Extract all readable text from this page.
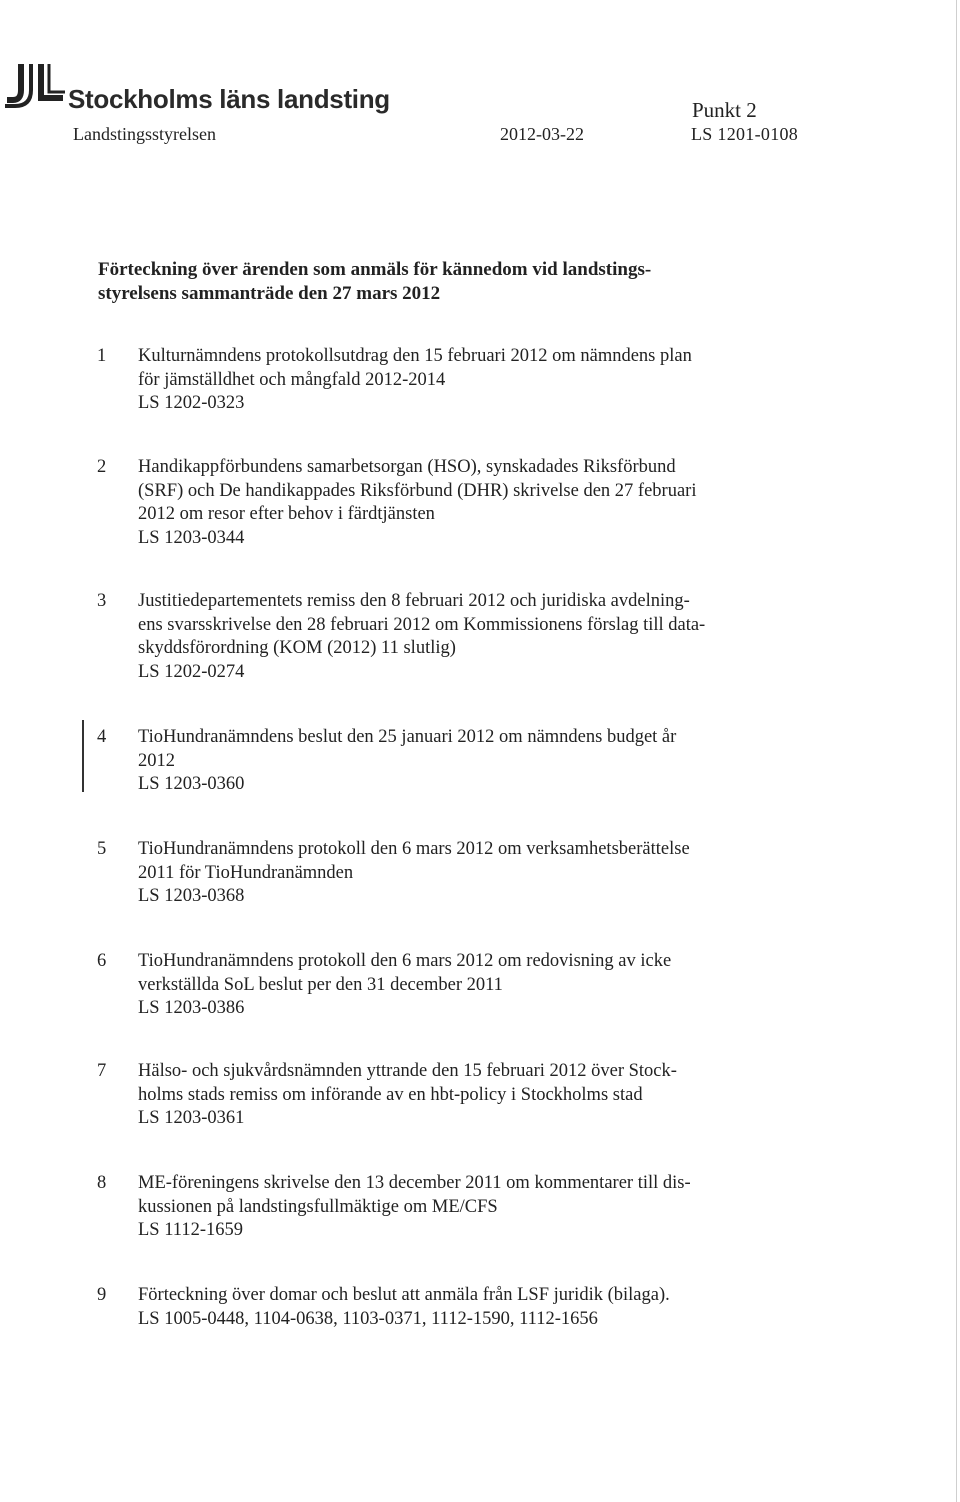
Stockholms läns landsting
Landstingsstyrelsen	2012-03-22
Punkt 2
LS 1201-0108
Förteckning över ärenden som anmäls för kännedom vid landstings-
styrelsens sammanträde den 27 mars 2012
1	Kulturnämndens protokollsutdrag den 15 februari 2012 om nämndens plan
för jämställdhet och mångfald 2012-2014
LS 1202-0323
2	Handikappförbundens samarbetsorgan (HSO), synskadades Riksförbund
(SRF) och De handikappades Riksförbund (DHR) skrivelse den 27 februari
2012 om resor efter behov i färdtjänsten
LS 1203-0344
3	Justitiedepartementets remiss den 8 februari 2012 och juridiska avdelning-
ens svarsskrivelse den 28 februari 2012 om Kommissionens förslag till data-
skyddsförordning (KOM (2012) 11 slutlig)
LS 1202-0274
4	TioHundranämndens beslut den 25 januari 2012 om nämndens budget år
2012
LS 1203-0360
5	TioHundranämndens protokoll den 6 mars 2012 om verksamhetsberättelse
2011 för TioHundranämnden
LS 1203-0368
6	TioHundranämndens protokoll den 6 mars 2012 om redovisning av icke
verkställda SoL beslut per den 31 december 2011
LS 1203-0386
7	Hälso- och sjukvårdsnämnden yttrande den 15 februari 2012 över Stock-
holms stads remiss om införande av en hbt-policy i Stockholms stad
LS 1203-0361
8	ME-föreningens skrivelse den 13 december 2011 om kommentarer till dis-
kussionen på landstingsfullmäktige om ME/CFS
LS 1112-1659
9	Förteckning över domar och beslut att anmäla från LSF juridik (bilaga).
LS 1005-0448, 1104-0638, 1103-0371, 1112-1590, 1112-1656
